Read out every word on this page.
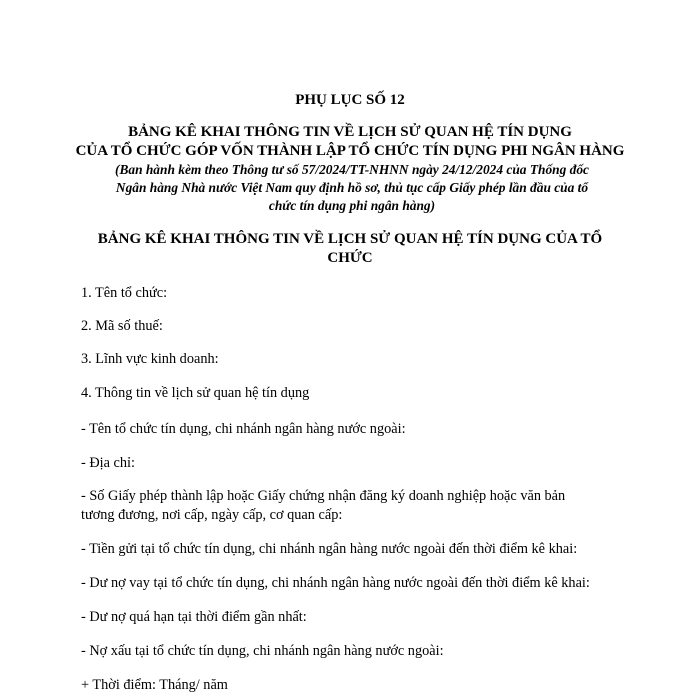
PHỤ LỤC SỐ 12
BẢNG KÊ KHAI THÔNG TIN VỀ LỊCH SỬ QUAN HỆ TÍN DỤNG
CỦA TỔ CHỨC GÓP VỐN THÀNH LẬP TỔ CHỨC TÍN DỤNG PHI NGÂN HÀNG
(Ban hành kèm theo Thông tư số 57/2024/TT-NHNN ngày 24/12/2024 của Thống đốc
Ngân hàng Nhà nước Việt Nam quy định hồ sơ, thủ tục cấp Giấy phép lần đầu của tổ
chức tín dụng phi ngân hàng)
BẢNG KÊ KHAI THÔNG TIN VỀ LỊCH SỬ QUAN HỆ TÍN DỤNG CỦA TỔ
CHỨC
1. Tên tổ chức:
2. Mã số thuế:
3. Lĩnh vực kinh doanh:
4. Thông tin về lịch sử quan hệ tín dụng
- Tên tổ chức tín dụng, chi nhánh ngân hàng nước ngoài:
- Địa chỉ:
- Số Giấy phép thành lập hoặc Giấy chứng nhận đăng ký doanh nghiệp hoặc văn bản
tương đương, nơi cấp, ngày cấp, cơ quan cấp:
- Tiền gửi tại tổ chức tín dụng, chi nhánh ngân hàng nước ngoài đến thời điểm kê khai:
- Dư nợ vay tại tổ chức tín dụng, chi nhánh ngân hàng nước ngoài đến thời điểm kê khai:
- Dư nợ quá hạn tại thời điểm gần nhất:
- Nợ xấu tại tổ chức tín dụng, chi nhánh ngân hàng nước ngoài:
+ Thời điểm: Tháng/ năm
